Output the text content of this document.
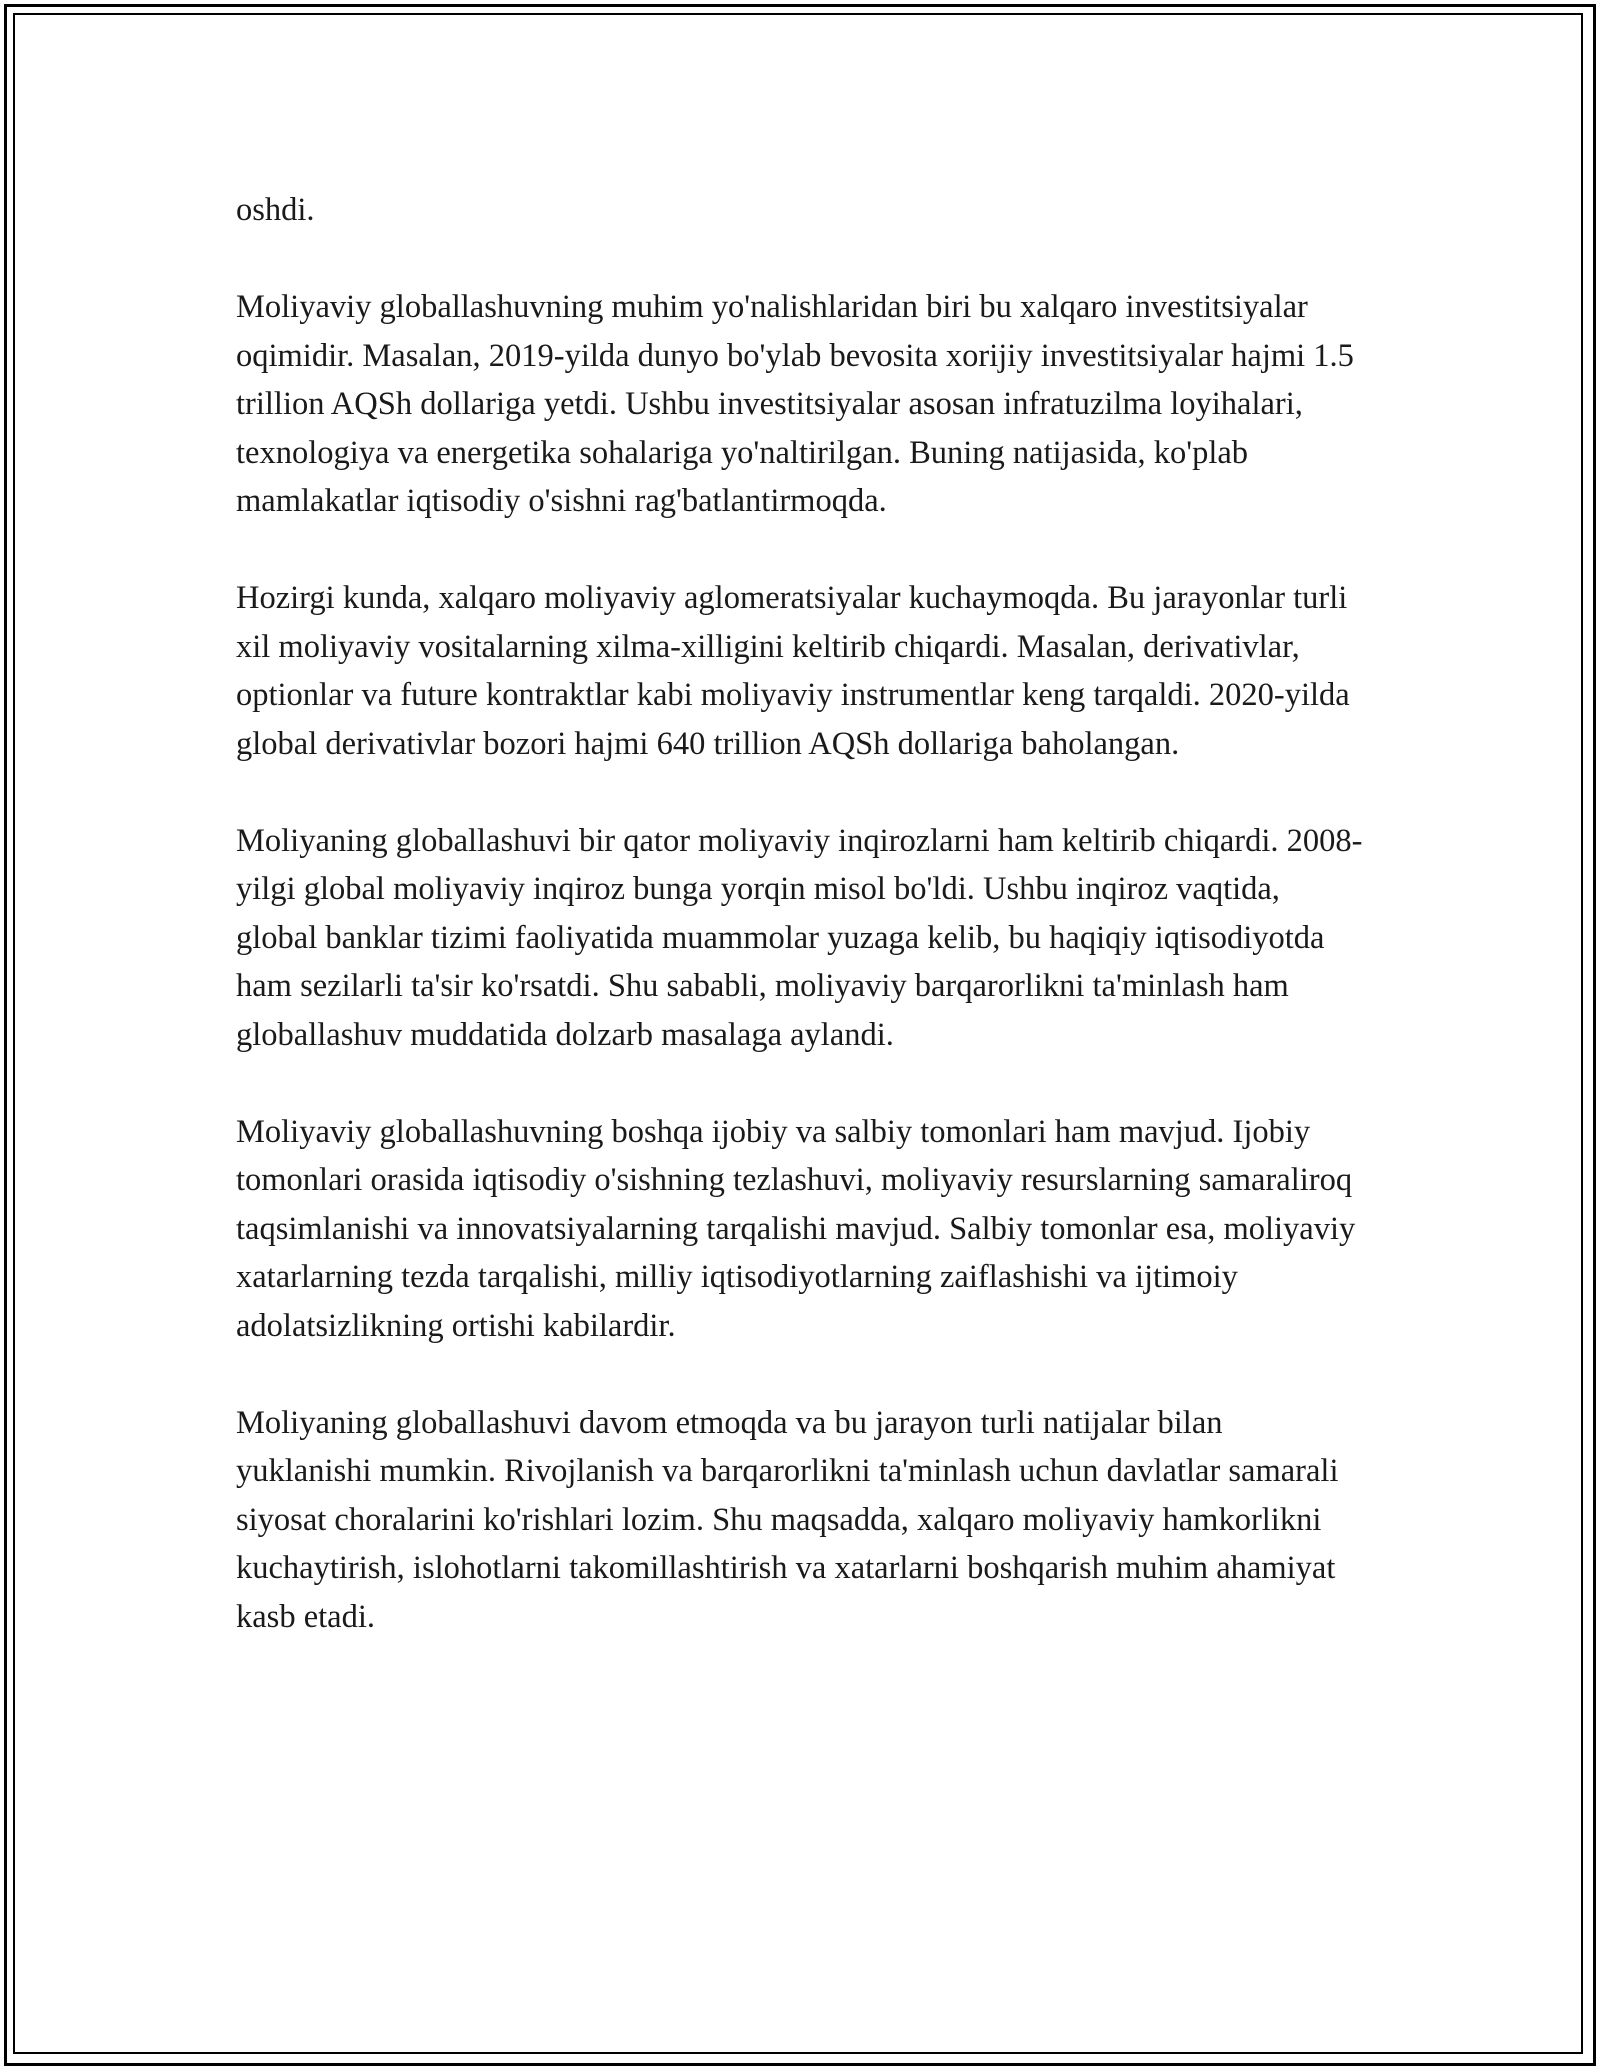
oshdi.

Moliyaviy globallashuvning muhim yo'nalishlaridan biri bu xalqaro investitsiyalar oqimidir. Masalan, 2019-yilda dunyo bo'ylab bevosita xorijiy investitsiyalar hajmi 1.5 trillion AQSh dollariga yetdi. Ushbu investitsiyalar asosan infratuzilma loyihalari, texnologiya va energetika sohalariga yo'naltirilgan. Buning natijasida, ko'plab mamlakatlar iqtisodiy o'sishni rag'batlantirmoqda.

Hozirgi kunda, xalqaro moliyaviy aglomeratsiyalar kuchaymoqda. Bu jarayonlar turli xil moliyaviy vositalarning xilma-xilligini keltirib chiqardi. Masalan, derivativlar, optionlar va future kontraktlar kabi moliyaviy instrumentlar keng tarqaldi. 2020-yilda global derivativlar bozori hajmi 640 trillion AQSh dollariga baholangan.

Moliyaning globallashuvi bir qator moliyaviy inqirozlarni ham keltirib chiqardi. 2008-yilgi global moliyaviy inqiroz bunga yorqin misol bo'ldi. Ushbu inqiroz vaqtida, global banklar tizimi faoliyatida muammolar yuzaga kelib, bu haqiqiy iqtisodiyotda ham sezilarli ta'sir ko'rsatdi. Shu sababli, moliyaviy barqarorlikni ta'minlash ham globallashuv muddatida dolzarb masalaga aylandi.

Moliyaviy globallashuvning boshqa ijobiy va salbiy tomonlari ham mavjud. Ijobiy tomonlari orasida iqtisodiy o'sishning tezlashuvi, moliyaviy resurslarning samaraliroq taqsimlanishi va innovatsiyalarning tarqalishi mavjud. Salbiy tomonlar esa, moliyaviy xatarlarning tezda tarqalishi, milliy iqtisodiyotlarning zaiflashishi va ijtimoiy adolatsizlikning ortishi kabilardir.

Moliyaning globallashuvi davom etmoqda va bu jarayon turli natijalar bilan yuklanishi mumkin. Rivojlanish va barqarorlikni ta'minlash uchun davlatlar samarali siyosat choralarini ko'rishlari lozim. Shu maqsadda, xalqaro moliyaviy hamkorlikni kuchaytirish, islohotlarni takomillashtirish va xatarlarni boshqarish muhim ahamiyat kasb etadi.
